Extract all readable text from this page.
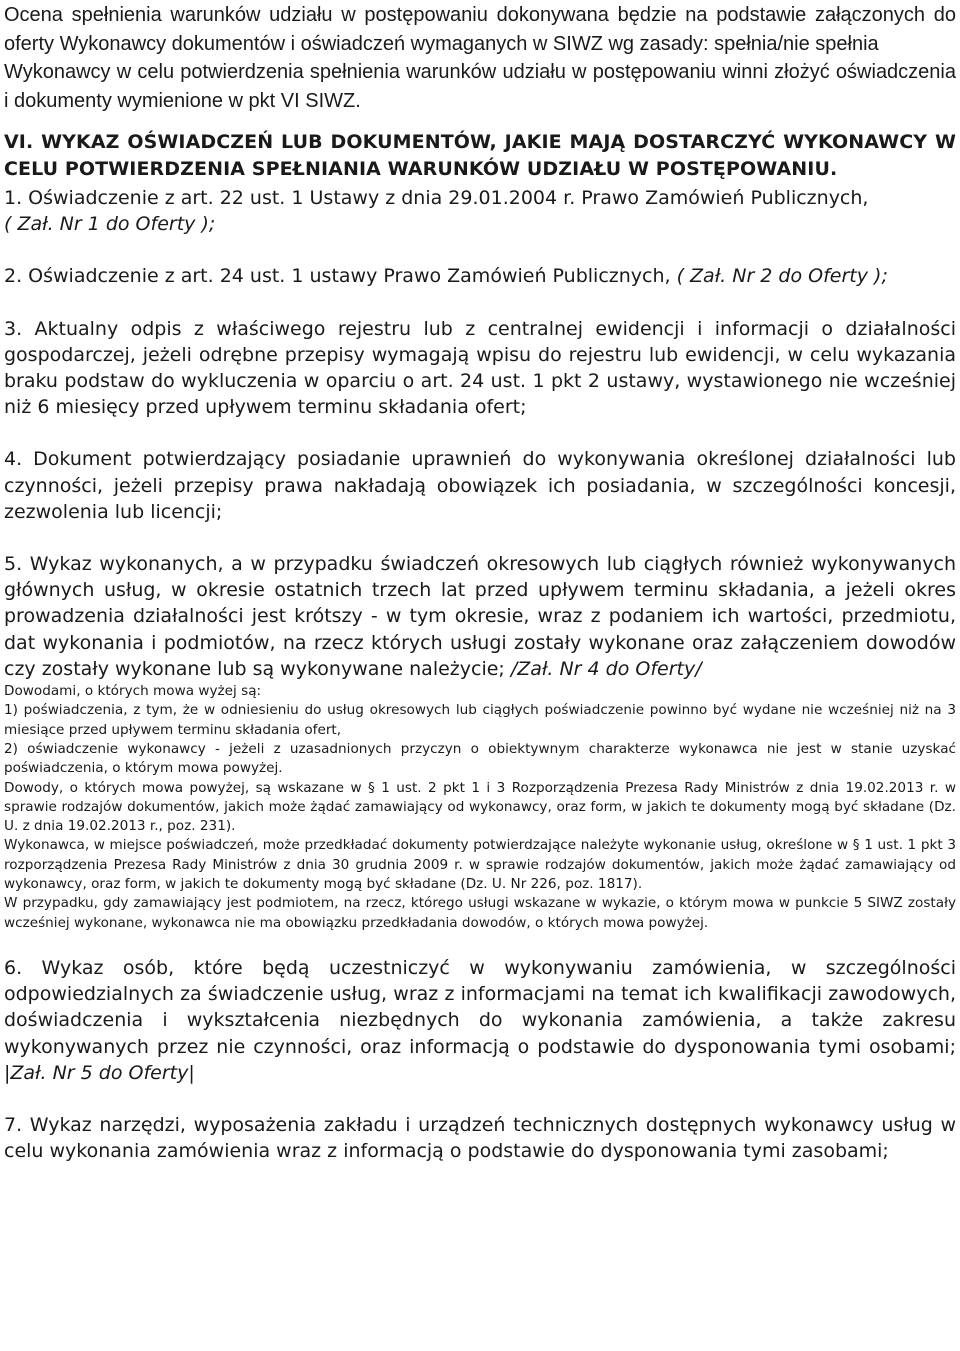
Ocena spełnienia warunków udziału w postępowaniu dokonywana będzie na podstawie załączonych do oferty Wykonawcy dokumentów i oświadczeń wymaganych w SIWZ wg zasady: spełnia/nie spełnia

Wykonawcy w celu potwierdzenia spełnienia warunków udziału w postępowaniu winni złożyć oświadczenia i dokumenty wymienione w pkt VI SIWZ.

VI. WYKAZ OŚWIADCZEŃ LUB DOKUMENTÓW, JAKIE MAJĄ DOSTARCZYĆ WYKONAWCY W CELU POTWIERDZENIA SPEŁNIANIA WARUNKÓW UDZIAŁU W POSTĘPOWANIU.

1. Oświadczenie z art. 22 ust. 1 Ustawy z dnia 29.01.2004 r. Prawo Zamówień Publicznych,
( Zał. Nr 1 do Oferty );

2. Oświadczenie z art. 24 ust. 1 ustawy Prawo Zamówień Publicznych, ( Zał. Nr 2 do Oferty );

3. Aktualny odpis z właściwego rejestru lub z centralnej ewidencji i informacji o działalności gospodarczej, jeżeli odrębne przepisy wymagają wpisu do rejestru lub ewidencji, w celu wykazania braku podstaw do wykluczenia w oparciu o art. 24 ust. 1 pkt 2 ustawy, wystawionego nie wcześniej niż 6 miesięcy przed upływem terminu składania ofert;

4. Dokument potwierdzający posiadanie uprawnień do wykonywania określonej działalności lub czynności, jeżeli przepisy prawa nakładają obowiązek ich posiadania, w szczególności koncesji, zezwolenia lub licencji;

5. Wykaz wykonanych, a w przypadku świadczeń okresowych lub ciągłych również wykonywanych głównych usług, w okresie ostatnich trzech lat przed upływem terminu składania, a jeżeli okres prowadzenia działalności jest krótszy - w tym okresie, wraz z podaniem ich wartości, przedmiotu, dat wykonania i podmiotów, na rzecz których usługi zostały wykonane oraz załączeniem dowodów czy zostały wykonane lub są wykonywane należycie; /Zał. Nr 4 do Oferty/

Dowodami, o których mowa wyżej są:

1) poświadczenia, z tym, że w odniesieniu do usług okresowych lub ciągłych poświadczenie powinno być wydane nie wcześniej niż na 3 miesiące przed upływem terminu składania ofert,

2) oświadczenie wykonawcy - jeżeli z uzasadnionych przyczyn o obiektywnym charakterze wykonawca nie jest w stanie uzyskać poświadczenia, o którym mowa powyżej.

Dowody, o których mowa powyżej, są wskazane w § 1 ust. 2 pkt 1 i 3 Rozporządzenia Prezesa Rady Ministrów z dnia 19.02.2013 r. w sprawie rodzajów dokumentów, jakich może żądać zamawiający od wykonawcy, oraz form, w jakich te dokumenty mogą być składane (Dz. U. z dnia 19.02.2013 r., poz. 231).

Wykonawca, w miejsce poświadczeń, może przedkładać dokumenty potwierdzające należyte wykonanie usług, określone w § 1 ust. 1 pkt 3 rozporządzenia Prezesa Rady Ministrów z dnia 30 grudnia 2009 r. w sprawie rodzajów dokumentów, jakich może żądać zamawiający od wykonawcy, oraz form, w jakich te dokumenty mogą być składane (Dz. U. Nr 226, poz. 1817).

W przypadku, gdy zamawiający jest podmiotem, na rzecz, którego usługi wskazane w wykazie, o którym mowa w punkcie 5 SIWZ zostały wcześniej wykonane, wykonawca nie ma obowiązku przedkładania dowodów, o których mowa powyżej.

6. Wykaz osób, które będą uczestniczyć w wykonywaniu zamówienia, w szczególności odpowiedzialnych za świadczenie usług, wraz z informacjami na temat ich kwalifikacji zawodowych, doświadczenia i wykształcenia niezbędnych do wykonania zamówienia, a także zakresu wykonywanych przez nie czynności, oraz informacją o podstawie do dysponowania tymi osobami; |Zał. Nr 5 do Oferty|

7. Wykaz narzędzi, wyposażenia zakładu i urządzeń technicznych dostępnych wykonawcy usług w celu wykonania zamówienia wraz z informacją o podstawie do dysponowania tymi zasobami;
